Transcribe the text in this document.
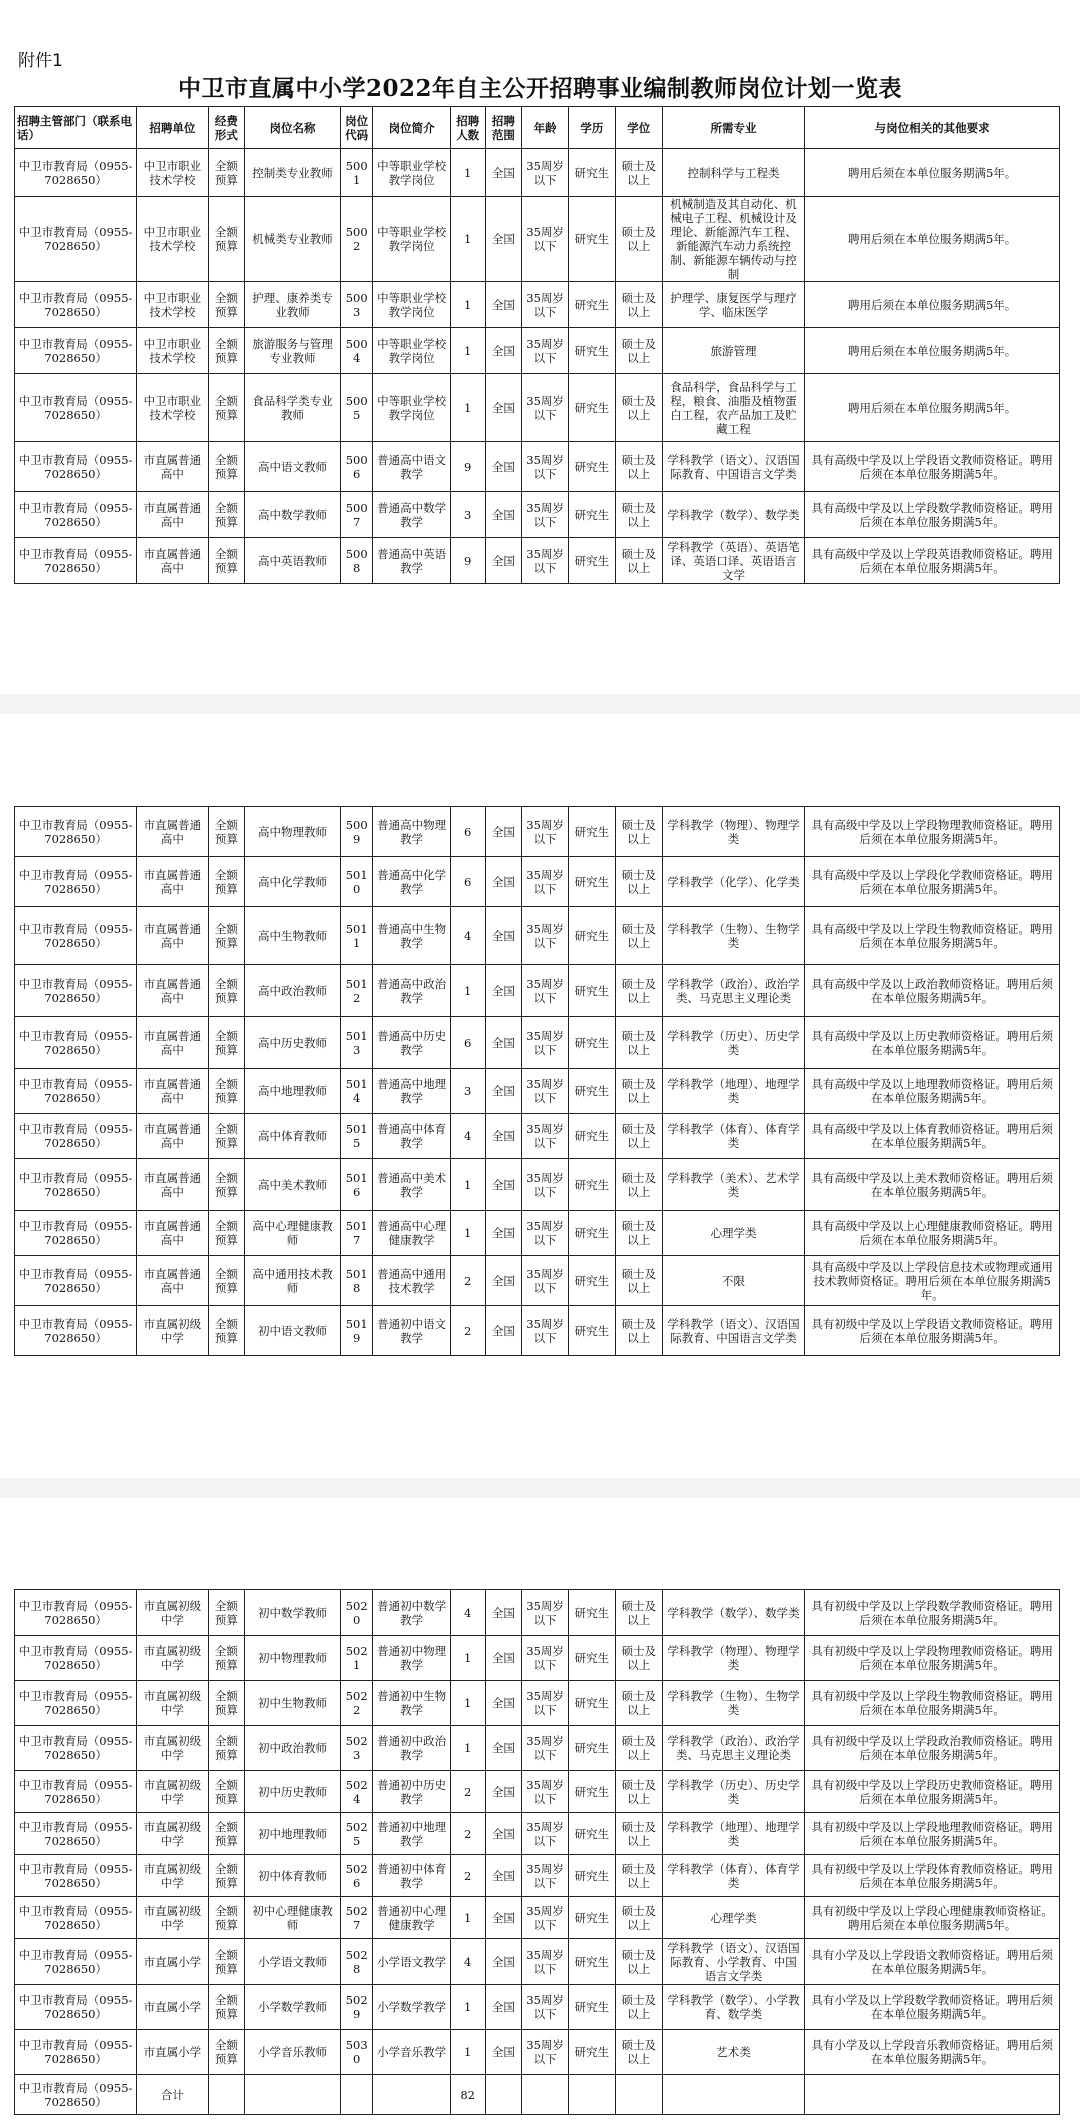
附件1
中卫市直属中小学2022年自主公开招聘事业编制教师岗位计划一览表
招聘主管部门（联系电话）	招聘单位	经费形式	岗位名称	岗位代码	岗位简介	招聘人数	招聘范围	年龄	学历	学位	所需专业	与岗位相关的其他要求
中卫市教育局（0955-7028650）	中卫市职业技术学校	全额预算	控制类专业教师	5001	中等职业学校教学岗位	1	全国	35周岁以下	研究生	硕士及以上	控制科学与工程类	聘用后须在本单位服务期满5年。
中卫市教育局（0955-7028650）	中卫市职业技术学校	全额预算	机械类专业教师	5002	中等职业学校教学岗位	1	全国	35周岁以下	研究生	硕士及以上	机械制造及其自动化、机械电子工程、机械设计及理论、新能源汽车工程、新能源汽车动力系统控制、新能源车辆传动与控制	聘用后须在本单位服务期满5年。
中卫市教育局（0955-7028650）	中卫市职业技术学校	全额预算	护理、康养类专业教师	5003	中等职业学校教学岗位	1	全国	35周岁以下	研究生	硕士及以上	护理学、康复医学与理疗学、临床医学	聘用后须在本单位服务期满5年。
中卫市教育局（0955-7028650）	中卫市职业技术学校	全额预算	旅游服务与管理专业教师	5004	中等职业学校教学岗位	1	全国	35周岁以下	研究生	硕士及以上	旅游管理	聘用后须在本单位服务期满5年。
中卫市教育局（0955-7028650）	中卫市职业技术学校	全额预算	食品科学类专业教师	5005	中等职业学校教学岗位	1	全国	35周岁以下	研究生	硕士及以上	食品科学，食品科学与工程，粮食、油脂及植物蛋白工程，农产品加工及贮藏工程	聘用后须在本单位服务期满5年。
中卫市教育局（0955-7028650）	市直属普通高中	全额预算	高中语文教师	5006	普通高中语文教学	9	全国	35周岁以下	研究生	硕士及以上	学科教学（语文）、汉语国际教育、中国语言文学类	具有高级中学及以上学段语文教师资格证。聘用后须在本单位服务期满5年。
中卫市教育局（0955-7028650）	市直属普通高中	全额预算	高中数学教师	5007	普通高中数学教学	3	全国	35周岁以下	研究生	硕士及以上	学科教学（数学）、数学类	具有高级中学及以上学段数学教师资格证。聘用后须在本单位服务期满5年。
中卫市教育局（0955-7028650）	市直属普通高中	全额预算	高中英语教师	5008	普通高中英语教学	9	全国	35周岁以下	研究生	硕士及以上	学科教学（英语）、英语笔译、英语口译、英语语言文学	具有高级中学及以上学段英语教师资格证。聘用后须在本单位服务期满5年。
中卫市教育局（0955-7028650）	市直属普通高中	全额预算	高中物理教师	5009	普通高中物理教学	6	全国	35周岁以下	研究生	硕士及以上	学科教学（物理）、物理学类	具有高级中学及以上学段物理教师资格证。聘用后须在本单位服务期满5年。
中卫市教育局（0955-7028650）	市直属普通高中	全额预算	高中化学教师	5010	普通高中化学教学	6	全国	35周岁以下	研究生	硕士及以上	学科教学（化学）、化学类	具有高级中学及以上学段化学教师资格证。聘用后须在本单位服务期满5年。
中卫市教育局（0955-7028650）	市直属普通高中	全额预算	高中生物教师	5011	普通高中生物教学	4	全国	35周岁以下	研究生	硕士及以上	学科教学（生物）、生物学类	具有高级中学及以上学段生物教师资格证。聘用后须在本单位服务期满5年。
中卫市教育局（0955-7028650）	市直属普通高中	全额预算	高中政治教师	5012	普通高中政治教学	1	全国	35周岁以下	研究生	硕士及以上	学科教学（政治）、政治学类、马克思主义理论类	具有高级中学及以上政治教师资格证。聘用后须在本单位服务期满5年。
中卫市教育局（0955-7028650）	市直属普通高中	全额预算	高中历史教师	5013	普通高中历史教学	6	全国	35周岁以下	研究生	硕士及以上	学科教学（历史）、历史学类	具有高级中学及以上历史教师资格证。聘用后须在本单位服务期满5年。
中卫市教育局（0955-7028650）	市直属普通高中	全额预算	高中地理教师	5014	普通高中地理教学	3	全国	35周岁以下	研究生	硕士及以上	学科教学（地理）、地理学类	具有高级中学及以上地理教师资格证。聘用后须在本单位服务期满5年。
中卫市教育局（0955-7028650）	市直属普通高中	全额预算	高中体育教师	5015	普通高中体育教学	4	全国	35周岁以下	研究生	硕士及以上	学科教学（体育）、体育学类	具有高级中学及以上体育教师资格证。聘用后须在本单位服务期满5年。
中卫市教育局（0955-7028650）	市直属普通高中	全额预算	高中美术教师	5016	普通高中美术教学	1	全国	35周岁以下	研究生	硕士及以上	学科教学（美术）、艺术学类	具有高级中学及以上美术教师资格证。聘用后须在本单位服务期满5年。
中卫市教育局（0955-7028650）	市直属普通高中	全额预算	高中心理健康教师	5017	普通高中心理健康教学	1	全国	35周岁以下	研究生	硕士及以上	心理学类	具有高级中学及以上心理健康教师资格证。聘用后须在本单位服务期满5年。
中卫市教育局（0955-7028650）	市直属普通高中	全额预算	高中通用技术教师	5018	普通高中通用技术教学	2	全国	35周岁以下	研究生	硕士及以上	不限	具有高级中学及以上学段信息技术或物理或通用技术教师资格证。聘用后须在本单位服务期满5年。
中卫市教育局（0955-7028650）	市直属初级中学	全额预算	初中语文教师	5019	普通初中语文教学	2	全国	35周岁以下	研究生	硕士及以上	学科教学（语文）、汉语国际教育、中国语言文学类	具有初级中学及以上学段语文教师资格证。聘用后须在本单位服务期满5年。
中卫市教育局（0955-7028650）	市直属初级中学	全额预算	初中数学教师	5020	普通初中数学教学	4	全国	35周岁以下	研究生	硕士及以上	学科教学（数学）、数学类	具有初级中学及以上学段数学教师资格证。聘用后须在本单位服务期满5年。
中卫市教育局（0955-7028650）	市直属初级中学	全额预算	初中物理教师	5021	普通初中物理教学	1	全国	35周岁以下	研究生	硕士及以上	学科教学（物理）、物理学类	具有初级中学及以上学段物理教师资格证。聘用后须在本单位服务期满5年。
中卫市教育局（0955-7028650）	市直属初级中学	全额预算	初中生物教师	5022	普通初中生物教学	1	全国	35周岁以下	研究生	硕士及以上	学科教学（生物）、生物学类	具有初级中学及以上学段生物教师资格证。聘用后须在本单位服务期满5年。
中卫市教育局（0955-7028650）	市直属初级中学	全额预算	初中政治教师	5023	普通初中政治教学	1	全国	35周岁以下	研究生	硕士及以上	学科教学（政治）、政治学类、马克思主义理论类	具有初级中学及以上学段政治教师资格证。聘用后须在本单位服务期满5年。
中卫市教育局（0955-7028650）	市直属初级中学	全额预算	初中历史教师	5024	普通初中历史教学	2	全国	35周岁以下	研究生	硕士及以上	学科教学（历史）、历史学类	具有初级中学及以上学段历史教师资格证。聘用后须在本单位服务期满5年。
中卫市教育局（0955-7028650）	市直属初级中学	全额预算	初中地理教师	5025	普通初中地理教学	2	全国	35周岁以下	研究生	硕士及以上	学科教学（地理）、地理学类	具有初级中学及以上学段地理教师资格证。聘用后须在本单位服务期满5年。
中卫市教育局（0955-7028650）	市直属初级中学	全额预算	初中体育教师	5026	普通初中体育教学	2	全国	35周岁以下	研究生	硕士及以上	学科教学（体育）、体育学类	具有初级中学及以上学段体育教师资格证。聘用后须在本单位服务期满5年。
中卫市教育局（0955-7028650）	市直属初级中学	全额预算	初中心理健康教师	5027	普通初中心理健康教学	1	全国	35周岁以下	研究生	硕士及以上	心理学类	具有初级中学及以上学段心理健康教师资格证。聘用后须在本单位服务期满5年。
中卫市教育局（0955-7028650）	市直属小学	全额预算	小学语文教师	5028	小学语文教学	4	全国	35周岁以下	研究生	硕士及以上	学科教学（语文）、汉语国际教育、小学教育、中国语言文学类	具有小学及以上学段语文教师资格证。聘用后须在本单位服务期满5年。
中卫市教育局（0955-7028650）	市直属小学	全额预算	小学数学教师	5029	小学数学教学	1	全国	35周岁以下	研究生	硕士及以上	学科教学（数学）、小学教育、数学类	具有小学及以上学段数学教师资格证。聘用后须在本单位服务期满5年。
中卫市教育局（0955-7028650）	市直属小学	全额预算	小学音乐教师	5030	小学音乐教学	1	全国	35周岁以下	研究生	硕士及以上	艺术类	具有小学及以上学段音乐教师资格证。聘用后须在本单位服务期满5年。
中卫市教育局（0955-7028650）	合计					82						
